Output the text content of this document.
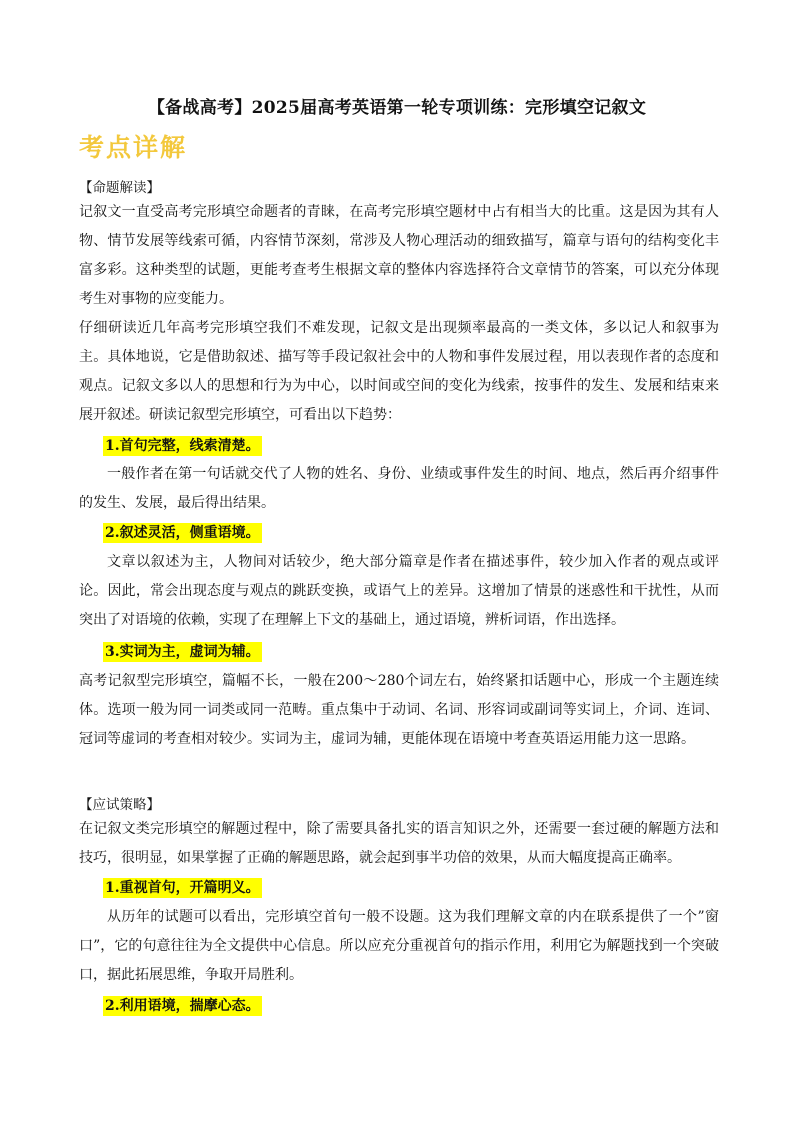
【备战高考】2025届高考英语第一轮专项训练：完形填空记叙文
考点详解
【命题解读】
记叙文一直受高考完形填空命题者的青睐，在高考完形填空题材中占有相当大的比重。这是因为其有人物、情节发展等线索可循，内容情节深刻，常涉及人物心理活动的细致描写，篇章与语句的结构变化丰富多彩。这种类型的试题，更能考查考生根据文章的整体内容选择符合文章情节的答案，可以充分体现考生对事物的应变能力。
仔细研读近几年高考完形填空我们不难发现，记叙文是出现频率最高的一类文体，多以记人和叙事为主。具体地说，它是借助叙述、描写等手段记叙社会中的人物和事件发展过程，用以表现作者的态度和观点。记叙文多以人的思想和行为为中心，以时间或空间的变化为线索，按事件的发生、发展和结束来展开叙述。研读记叙型完形填空，可看出以下趋势：
1.首句完整，线索清楚。
一般作者在第一句话就交代了人物的姓名、身份、业绩或事件发生的时间、地点，然后再介绍事件的发生、发展，最后得出结果。
2.叙述灵活，侧重语境。
文章以叙述为主，人物间对话较少，绝大部分篇章是作者在描述事件，较少加入作者的观点或评论。因此，常会出现态度与观点的跳跃变换，或语气上的差异。这增加了情景的迷惑性和干扰性，从而突出了对语境的依赖，实现了在理解上下文的基础上，通过语境，辨析词语，作出选择。
3.实词为主，虚词为辅。
高考记叙型完形填空，篇幅不长，一般在200～280个词左右，始终紧扣话题中心，形成一个主题连续体。选项一般为同一词类或同一范畴。重点集中于动词、名词、形容词或副词等实词上，介词、连词、冠词等虚词的考查相对较少。实词为主，虚词为辅，更能体现在语境中考查英语运用能力这一思路。
【应试策略】
在记叙文类完形填空的解题过程中，除了需要具备扎实的语言知识之外，还需要一套过硬的解题方法和技巧，很明显，如果掌握了正确的解题思路，就会起到事半功倍的效果，从而大幅度提高正确率。
1.重视首句，开篇明义。
从历年的试题可以看出，完形填空首句一般不设题。这为我们理解文章的内在联系提供了一个”窗口”，它的句意往往为全文提供中心信息。所以应充分重视首句的指示作用，利用它为解题找到一个突破口，据此拓展思维，争取开局胜利。
2.利用语境，揣摩心态。
